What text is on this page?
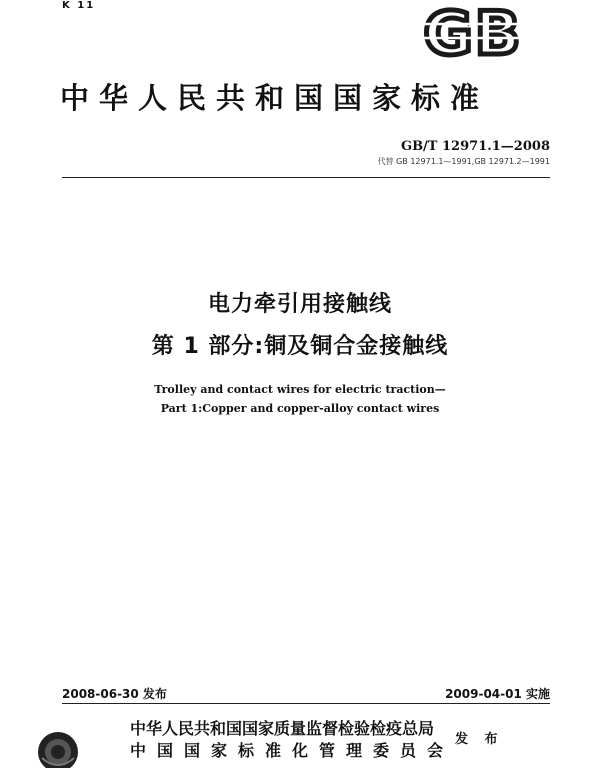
K 11	GB
中华人民共和国国家标准
GB/T 12971.1—2008
代替 GB 12971.1—1991,GB 12971.2—1991
电力牵引用接触线
第 1 部分:铜及铜合金接触线
Trolley and contact wires for electric traction—
Part 1:Copper and copper-alloy contact wires
2008-06-30 发布	2009-04-01 实施
中华人民共和国国家质量监督检验检疫总局
中国国家标准化管理委员会
发 布
